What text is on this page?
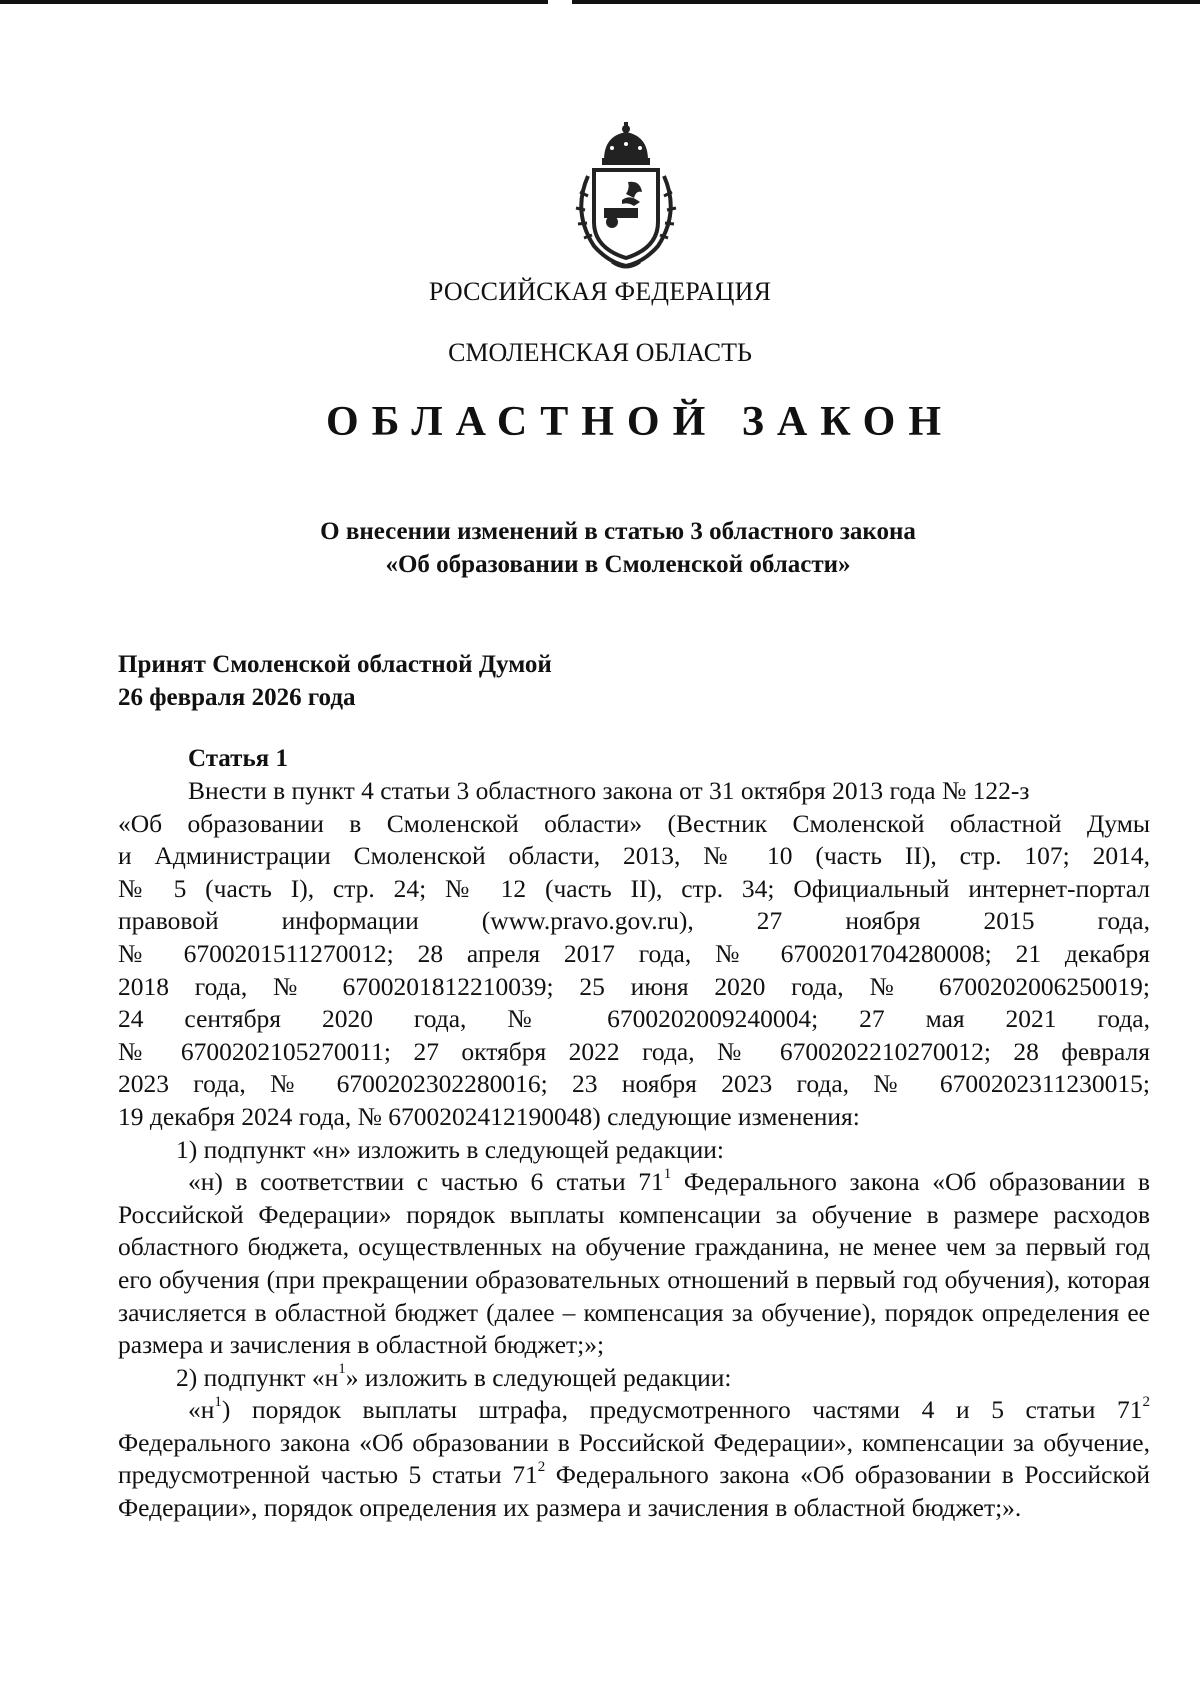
РОССИЙСКАЯ ФЕДЕРАЦИЯ
СМОЛЕНСКАЯ ОБЛАСТЬ
ОБЛАСТНОЙ ЗАКОН
О внесении изменений в статью 3 областного закона
«Об образовании в Смоленской области»
Принят Смоленской областной Думой
26 февраля 2026 года
Статья 1

Внести в пункт 4 статьи 3 областного закона от 31 октября 2013 года № 122-з
«Об образовании в Смоленской области» (Вестник Смоленской областной Думы
и Администрации Смоленской области, 2013, № 10 (часть II), стр. 107; 2014,
№ 5 (часть I), стр. 24; № 12 (часть II), стр. 34; Официальный интернет-портал
правовой информации (www.pravo.gov.ru), 27 ноября 2015 года,
№ 6700201511270012; 28 апреля 2017 года, № 6700201704280008; 21 декабря
2018 года, № 6700201812210039; 25 июня 2020 года, № 6700202006250019;
24 сентября 2020 года, № 6700202009240004; 27 мая 2021 года,
№ 6700202105270011; 27 октября 2022 года, № 6700202210270012; 28 февраля
2023 года, № 6700202302280016; 23 ноября 2023 года, № 6700202311230015;
19 декабря 2024 года, № 6700202412190048) следующие изменения:

1) подпункт «н» изложить в следующей редакции:

«н) в соответствии с частью 6 статьи $71^1$ Федерального закона «Об образовании в Российской Федерации» порядок выплаты компенсации за обучение в размере расходов областного бюджета, осуществленных на обучение гражданина, не менее чем за первый год его обучения (при прекращении образовательных отношений в первый год обучения), которая зачисляется в областной бюджет (далее – компенсация за обучение), порядок определения ее размера и зачисления в областной бюджет;»;

2) подпункт «$н^1$» изложить в следующей редакции:

«$н^1$) порядок выплаты штрафа, предусмотренного частями 4 и 5 статьи $71^2$ Федерального закона «Об образовании в Российской Федерации», компенсации за обучение, предусмотренной частью 5 статьи $71^2$ Федерального закона «Об образовании в Российской Федерации», порядок определения их размера и зачисления в областной бюджет;».
